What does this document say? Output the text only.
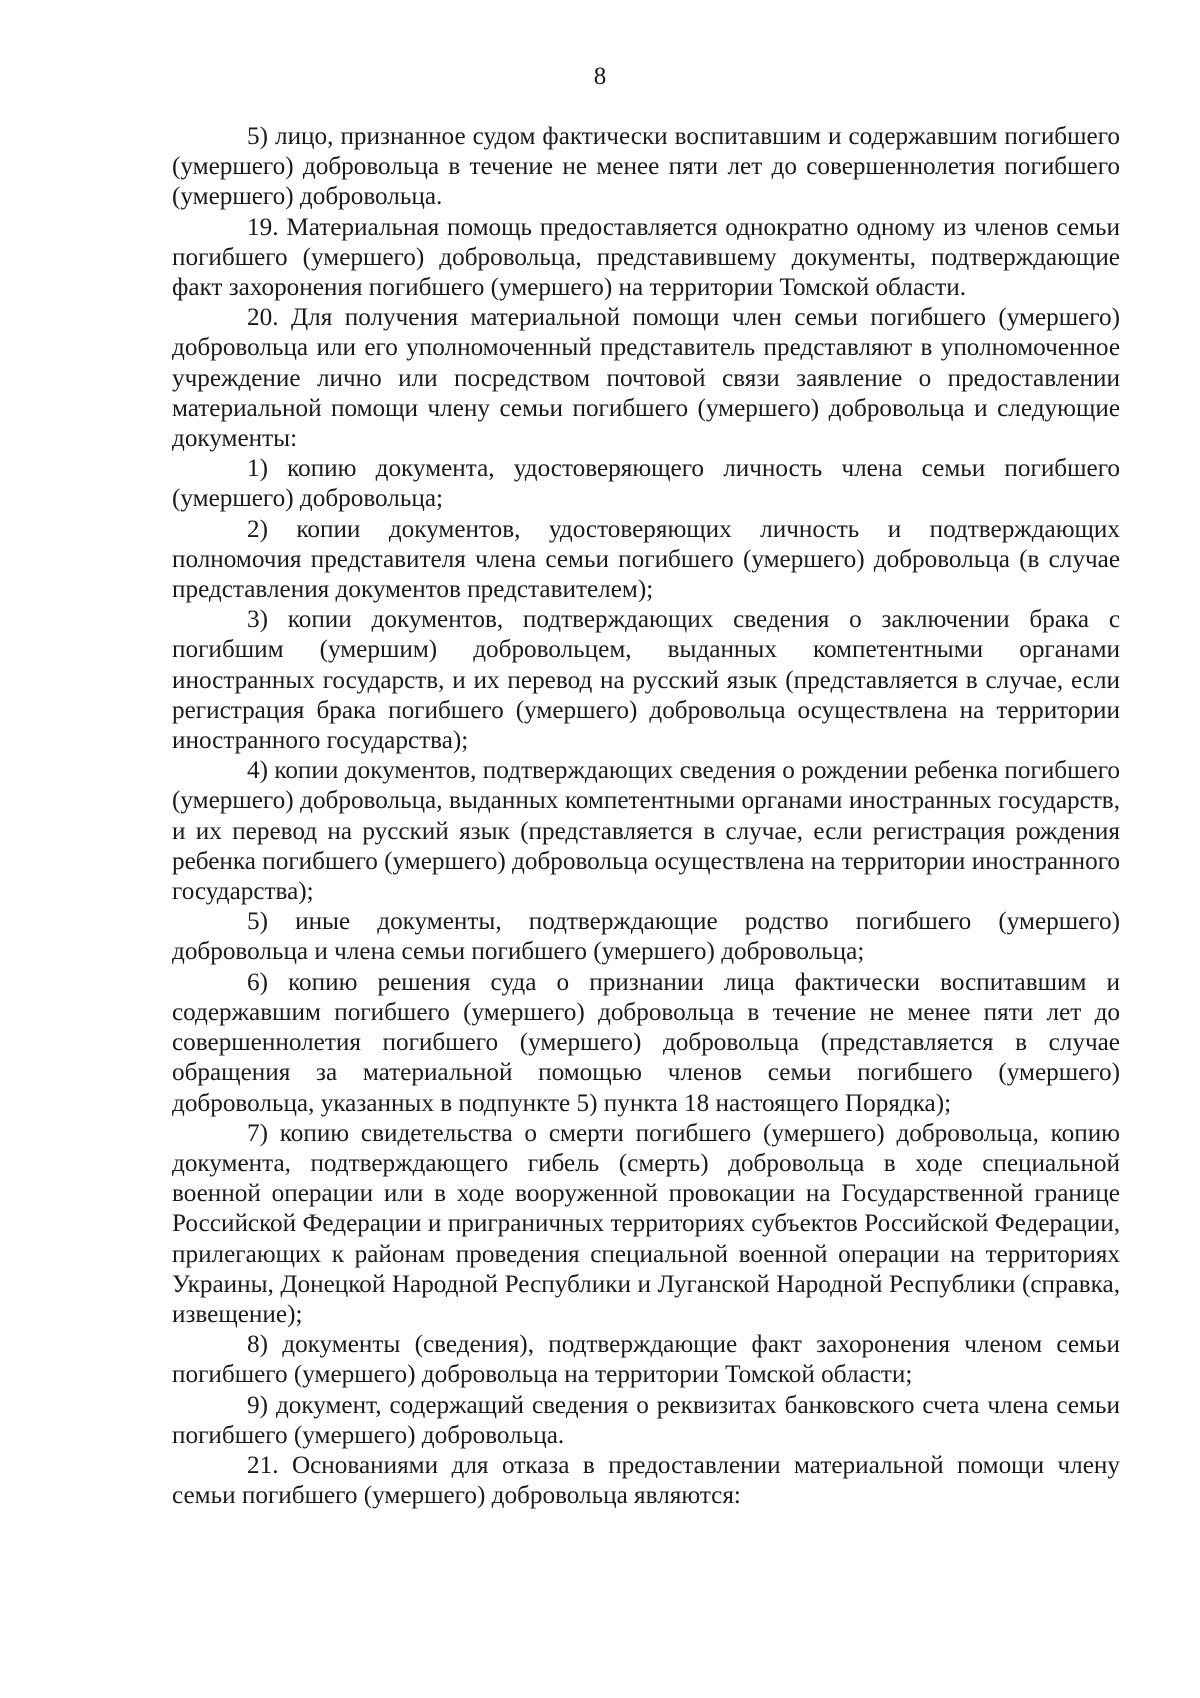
8

5) лицо, признанное судом фактически воспитавшим и содержавшим погибшего (умершего) добровольца в течение не менее пяти лет до совершеннолетия погибшего (умершего) добровольца.

19. Материальная помощь предоставляется однократно одному из членов семьи погибшего (умершего) добровольца, представившему документы, подтверждающие факт захоронения погибшего (умершего) на территории Томской области.

20. Для получения материальной помощи член семьи погибшего (умершего) добровольца или его уполномоченный представитель представляют в уполномоченное учреждение лично или посредством почтовой связи заявление о предоставлении материальной помощи члену семьи погибшего (умершего) добровольца и следующие документы:

1) копию документа, удостоверяющего личность члена семьи погибшего (умершего) добровольца;

2) копии документов, удостоверяющих личность и подтверждающих полномочия представителя члена семьи погибшего (умершего) добровольца (в случае представления документов представителем);

3) копии документов, подтверждающих сведения о заключении брака с погибшим (умершим) добровольцем, выданных компетентными органами иностранных государств, и их перевод на русский язык (представляется в случае, если регистрация брака погибшего (умершего) добровольца осуществлена на территории иностранного государства);

4) копии документов, подтверждающих сведения о рождении ребенка погибшего (умершего) добровольца, выданных компетентными органами иностранных государств, и их перевод на русский язык (представляется в случае, если регистрация рождения ребенка погибшего (умершего) добровольца осуществлена на территории иностранного государства);

5) иные документы, подтверждающие родство погибшего (умершего) добровольца и члена семьи погибшего (умершего) добровольца;

6) копию решения суда о признании лица фактически воспитавшим и содержавшим погибшего (умершего) добровольца в течение не менее пяти лет до совершеннолетия погибшего (умершего) добровольца (представляется в случае обращения за материальной помощью членов семьи погибшего (умершего) добровольца, указанных в подпункте 5) пункта 18 настоящего Порядка);

7) копию свидетельства о смерти погибшего (умершего) добровольца, копию документа, подтверждающего гибель (смерть) добровольца в ходе специальной военной операции или в ходе вооруженной провокации на Государственной границе Российской Федерации и приграничных территориях субъектов Российской Федерации, прилегающих к районам проведения специальной военной операции на территориях Украины, Донецкой Народной Республики и Луганской Народной Республики (справка, извещение);

8) документы (сведения), подтверждающие факт захоронения членом семьи погибшего (умершего) добровольца на территории Томской области;

9) документ, содержащий сведения о реквизитах банковского счета члена семьи погибшего (умершего) добровольца.

21. Основаниями для отказа в предоставлении материальной помощи члену семьи погибшего (умершего) добровольца являются:
